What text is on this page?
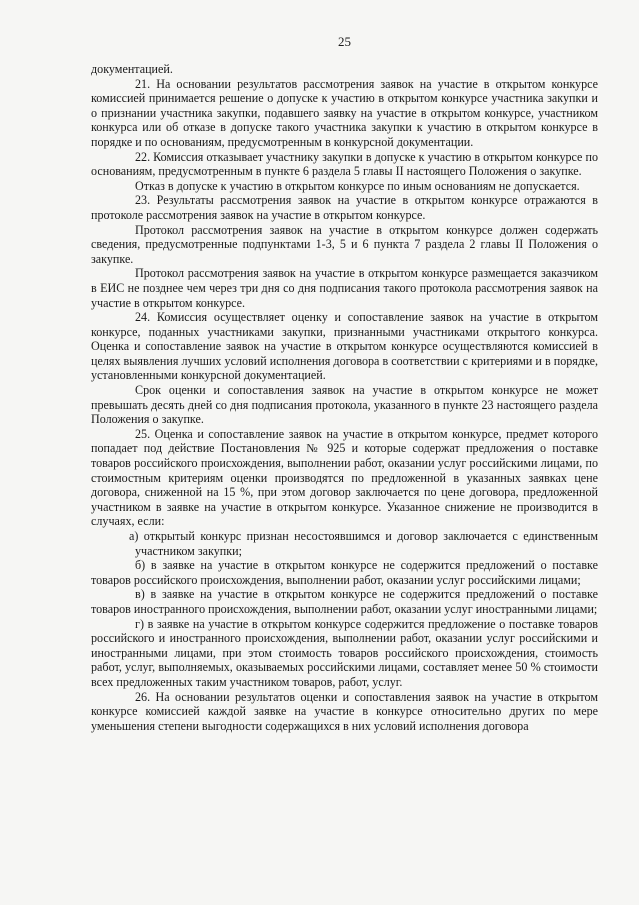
25

документацией.

21. На основании результатов рассмотрения заявок на участие в открытом конкурсе комиссией принимается решение о допуске к участию в открытом конкурсе участника закупки и о признании участника закупки, подавшего заявку на участие в открытом конкурсе, участником конкурса или об отказе в допуске такого участника закупки к участию в открытом конкурсе в порядке и по основаниям, предусмотренным в конкурсной документации.

22. Комиссия отказывает участнику закупки в допуске к участию в открытом конкурсе по основаниям, предусмотренным в пункте 6 раздела 5 главы II настоящего Положения о закупке.

Отказ в допуске к участию в открытом конкурсе по иным основаниям не допускается.

23. Результаты рассмотрения заявок на участие в открытом конкурсе отражаются в протоколе рассмотрения заявок на участие в открытом конкурсе.

Протокол рассмотрения заявок на участие в открытом конкурсе должен содержать сведения, предусмотренные подпунктами 1-3, 5 и 6 пункта 7 раздела 2 главы II Положения о закупке.

Протокол рассмотрения заявок на участие в открытом конкурсе размещается заказчиком в ЕИС не позднее чем через три дня со дня подписания такого протокола рассмотрения заявок на участие в открытом конкурсе.

24. Комиссия осуществляет оценку и сопоставление заявок на участие в открытом конкурсе, поданных участниками закупки, признанными участниками открытого конкурса. Оценка и сопоставление заявок на участие в открытом конкурсе осуществляются комиссией в целях выявления лучших условий исполнения договора в соответствии с критериями и в порядке, установленными конкурсной документацией.

Срок оценки и сопоставления заявок на участие в открытом конкурсе не может превышать десять дней со дня подписания протокола, указанного в пункте 23 настоящего раздела Положения о закупке.

25. Оценка и сопоставление заявок на участие в открытом конкурсе, предмет которого попадает под действие Постановления № 925 и которые содержат предложения о поставке товаров российского происхождения, выполнении работ, оказании услуг российскими лицами, по стоимостным критериям оценки производятся по предложенной в указанных заявках цене договора, сниженной на 15 %, при этом договор заключается по цене договора, предложенной участником в заявке на участие в открытом конкурсе. Указанное снижение не производится в случаях, если:

а) открытый конкурс признан несостоявшимся и договор заключается с единственным участником закупки;

б) в заявке на участие в открытом конкурсе не содержится предложений о поставке товаров российского происхождения, выполнении работ, оказании услуг российскими лицами;

в) в заявке на участие в открытом конкурсе не содержится предложений о поставке товаров иностранного происхождения, выполнении работ, оказании услуг иностранными лицами;

г) в заявке на участие в открытом конкурсе содержится предложение о поставке товаров российского и иностранного происхождения, выполнении работ, оказании услуг российскими и иностранными лицами, при этом стоимость товаров российского происхождения, стоимость работ, услуг, выполняемых, оказываемых российскими лицами, составляет менее 50 % стоимости всех предложенных таким участником товаров, работ, услуг.

26. На основании результатов оценки и сопоставления заявок на участие в открытом конкурсе комиссией каждой заявке на участие в конкурсе относительно других по мере уменьшения степени выгодности содержащихся в них условий исполнения договора
